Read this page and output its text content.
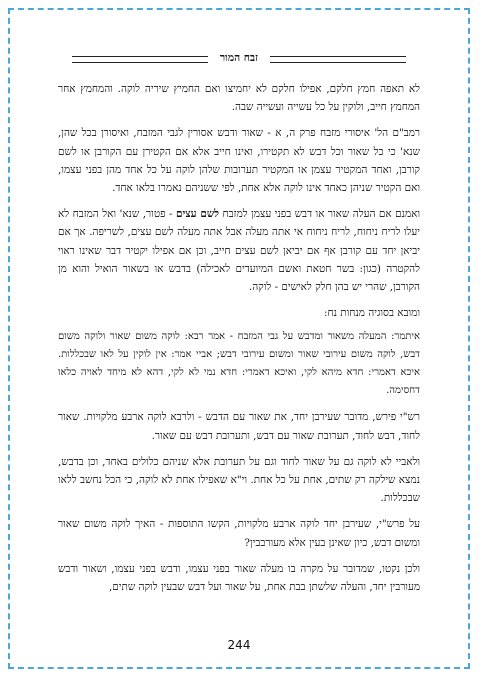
זבח המור

לא תאפה חמץ חלקם, אפילו חלקם לא יחמיצו ואם החמיץ שיריה לוקה. והמחמץ אחר המחמץ חייב, ולוקין על כל עשייה ועשייה שבה.

רמב"ם הל' איסורי מזבח פרק ה, א - שאור ודבש אסורין לגבי המזבח, ואיסורן בכל שהן, שנא' כי כל שאור וכל דבש לא תקטירו, ואינו חייב אלא אם הקטירן עם הקורבן או לשם קורבן, ואחד המקטיר עצמן או המקטיר תערובות שלהן לוקה על כל אחד מהן בפני עצמו, ואם הקטיר שניהן כאחד אינו לוקה אלא אחת, לפי ששניהם נאמרו בלאו אחד.

ואמנם אם העלה שאור או דבש בפני עצמן למזבח לשם עצים - פטור, שנא' ואל המזבח לא יעלו לריח ניחוח, לריח ניחוח אי אתה מעלה אבל אתה מעלה לשם עצים, לשריפה. אך אם יביאן יחד עם קורבן אף אם יביאן לשם עצים חייב, וכן אם אפילו יקטיר דבר שאינו ראוי להקטרה (כגון: בשר חטאת ואשם המיועדים לאכילה) בדבש או בשאור הואיל והוא מן הקורבן, שהרי יש בהן חלק לאישים - לוקה.

ומובא בסוגיה מנחות נח:

איתמר: המעלה משאור ומדבש על גבי המזבח - אמר רבא: לוקה משום שאור ולוקה משום דבש, לוקה משום עירובי שאור ומשום עירובי דבש; אביי אמר: אין לוקין על לאו שבכללות. איכא דאמרי: חדא מיהא לקי, ואיכא דאמרי: חדא נמי לא לקי, דהא לא מיחד לאויה כלאו דחסימה.

רש"י פירש, מדובר שעירבן יחד, את שאור עם הדבש - ולרבא לוקה ארבע מלקויות. שאור לחוד, דבש לחוד, תערובת שאור עם דבש, ותערובת דבש עם שאור.

ולאביי לא לוקה גם על שאור לחוד וגם על תערובת אלא שניהם כלולים באחד, וכן בדבש, נמצא שילקה רק שתים, אחת על כל אחת. וי"א שאפילו אחת לא לוקה, כי הכל נחשב ללאו שבכללות.

על פרש"י, שעירבן יחד לוקה ארבע מלקויות, הקשו התוספות - האיך לוקה משום שאור ומשום דבש, כיון שאינן בעין אלא מעורבבין?

ולכן נקטו, שמדובר על מקרה בו מעלה שאור בפני עצמו, ודבש בפני עצמו, ושאור ודבש מעורבין יחד, והעלה שלשתן בבת אחת, על שאור ועל דבש שבעין לוקה שתים,

244
